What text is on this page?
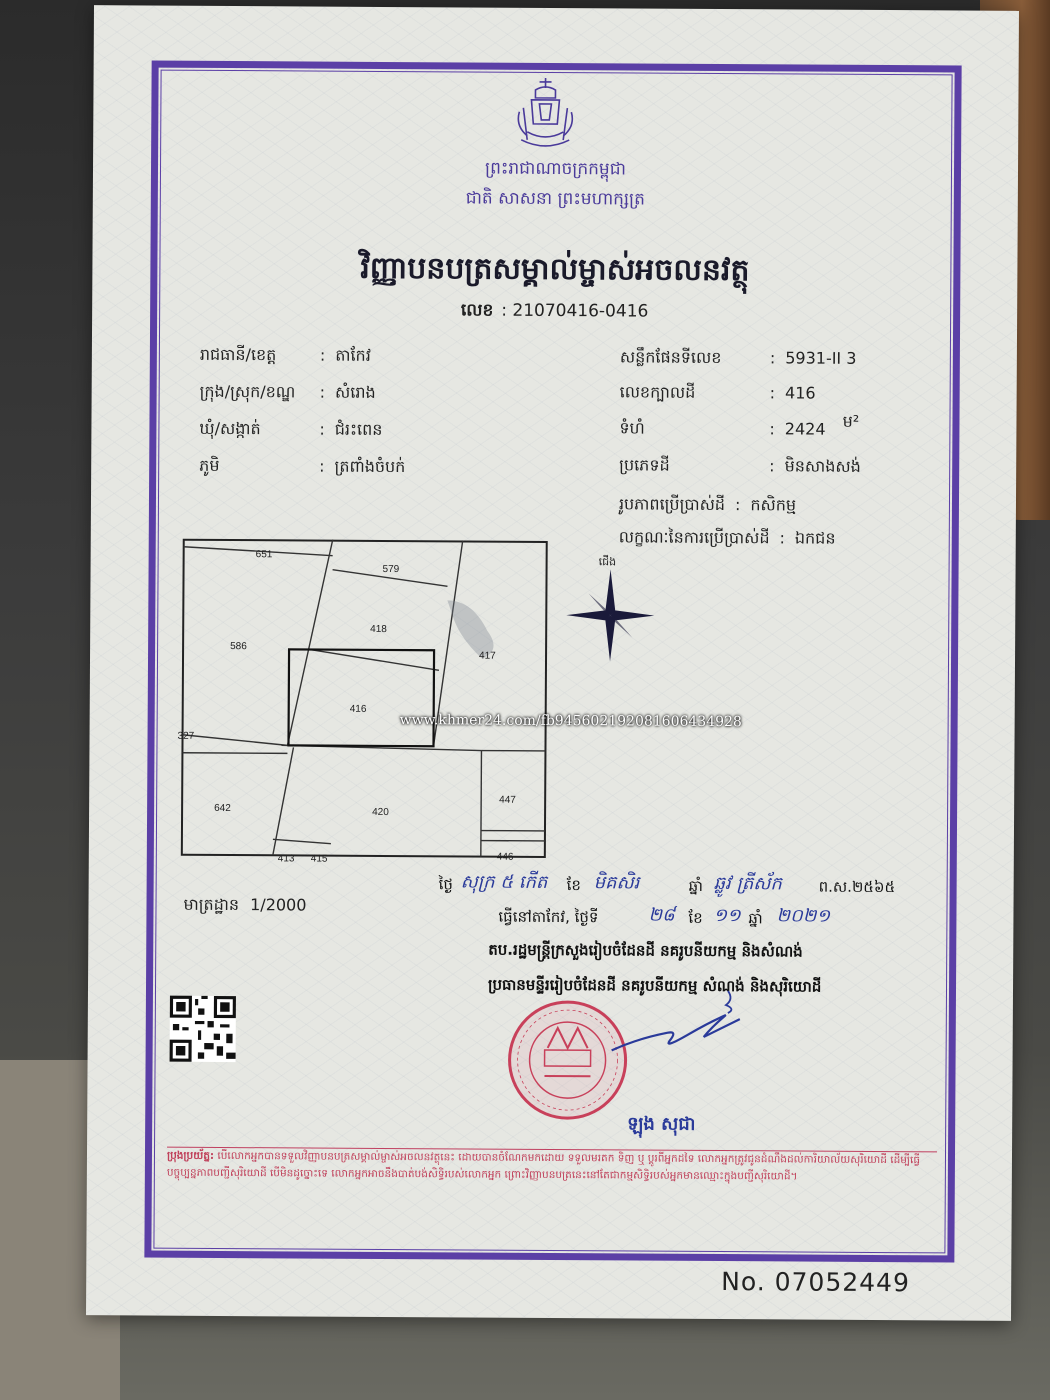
ព្រះរាជាណាចក្រកម្ពុជា
ជាតិ សាសនា ព្រះមហាក្សត្រ
វិញ្ញាបនបត្រសម្គាល់ម្ចាស់អចលនវត្ថុ
លេខ : 21070416-0416
រាជធានី/ខេត្ត	: តាកែវ
ក្រុង/ស្រុក/ខណ្ឌ : សំរោង
ឃុំ/សង្កាត់	: ជំរះពេន
ភូមិ	: ត្រពាំងចំបក់
សន្លឹកផែនទីលេខ	: 5931-II 3
លេខក្បាលដី	: 416
ទំហំ	: 2424 ម²
ប្រភេទដី	: មិនសាងសង់
រូបភាពប្រើប្រាស់ដី : កសិកម្ម
លក្ខណៈនៃការប្រើប្រាស់ដី : ឯកជន
651
579
586
418
417
416
327
642	420
447
446
413 415
ជើង
មាត្រដ្ឋាន 1/2000
ថ្ងៃ សុក្រ ៥ កើត ខែ មិគសិរ	ឆ្នាំ ឆ្លូវ ត្រីស័ក ព.ស.២៥៦៥
ធ្វើនៅតាកែវ, ថ្ងៃទី	២៨ ខែ ១១ ឆ្នាំ ២០២១
តប.រដ្ឋមន្ត្រីក្រសួងរៀបចំដែនដី នគរូបនីយកម្ម និងសំណង់
ប្រធានមន្ទីររៀបចំដែនដី នគរូបនីយកម្ម សំណង់ និងសុរិយោដី
ឡុង សុជា
ប្រុងប្រយ័ត្ន: បើលោកអ្នកបានទទួលវិញ្ញាបនបត្រសម្គាល់ម្ចាស់អចលនវត្ថុនេះ ដោយបានចំណែកមកដោយ ទទួលមរតក ទិញ ឬ ប្តូរពីអ្នកដទៃ លោកអ្នកត្រូវជូនដំណឹងដល់ការិយាល័យសុរិយោដី ដើម្បីធ្វើបច្ចុប្បន្នភាពបញ្ជីសុរិយោដី បើមិនដូច្នោះទេ លោកអ្នកអាចនឹងបាត់បង់សិទ្ធិរបស់លោកអ្នក ព្រោះវិញ្ញាបនបត្រនេះនៅតែជាកម្មសិទ្ធិរបស់អ្នកមានឈ្មោះក្នុងបញ្ជីសុរិយោដី។
No. 07052449
www.khmer24.com/fb9456021920816064349​28
